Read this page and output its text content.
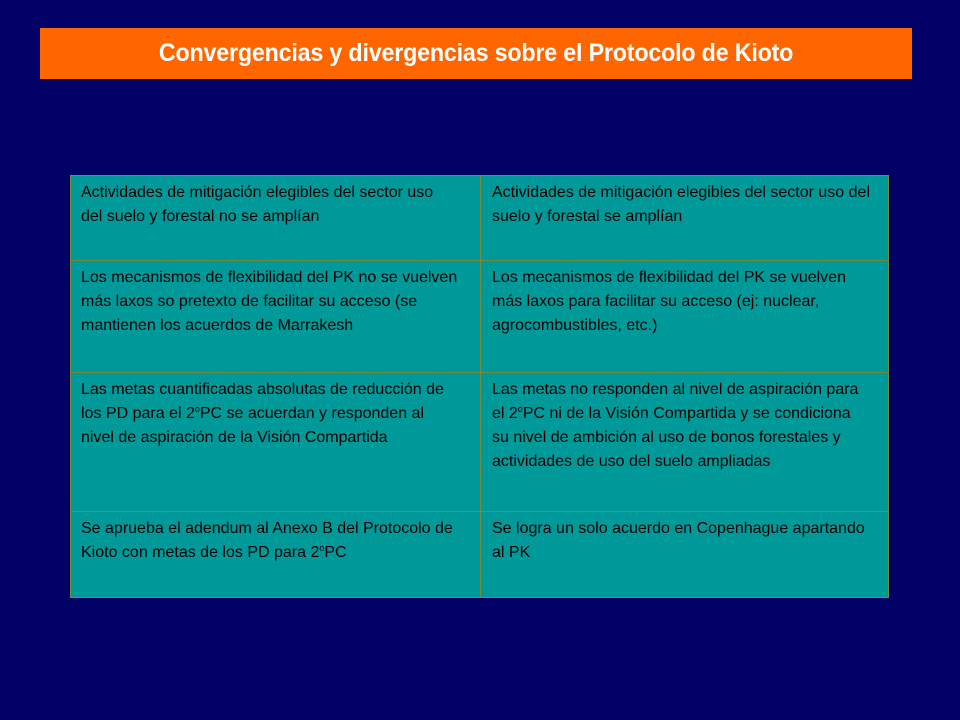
Convergencias y divergencias sobre el Protocolo de Kioto
Actividades de mitigación elegibles del sector uso del suelo y forestal no se amplían	Actividades de mitigación elegibles del sector uso del suelo y forestal se amplían
Los mecanismos de flexibilidad del PK no se vuelven más laxos so pretexto de facilitar su acceso (se mantienen los acuerdos de Marrakesh	Los mecanismos de flexibilidad del PK se vuelven más laxos para facilitar su acceso (ej: nuclear, agrocombustibles, etc.)
Las metas cuantificadas absolutas de reducción de los PD para el 2$^o$PC se acuerdan y responden al nivel de aspiración de la Visión Compartida	Las metas no responden al nivel de aspiración para el 2$^o$PC ni de la Visión Compartida y se condiciona su nivel de ambición al uso de bonos forestales y actividades de uso del suelo ampliadas
Se aprueba el adendum al Anexo B del Protocolo de Kioto con metas de los PD para 2$^o$PC	Se logra un solo acuerdo en Copenhague apartando al PK
